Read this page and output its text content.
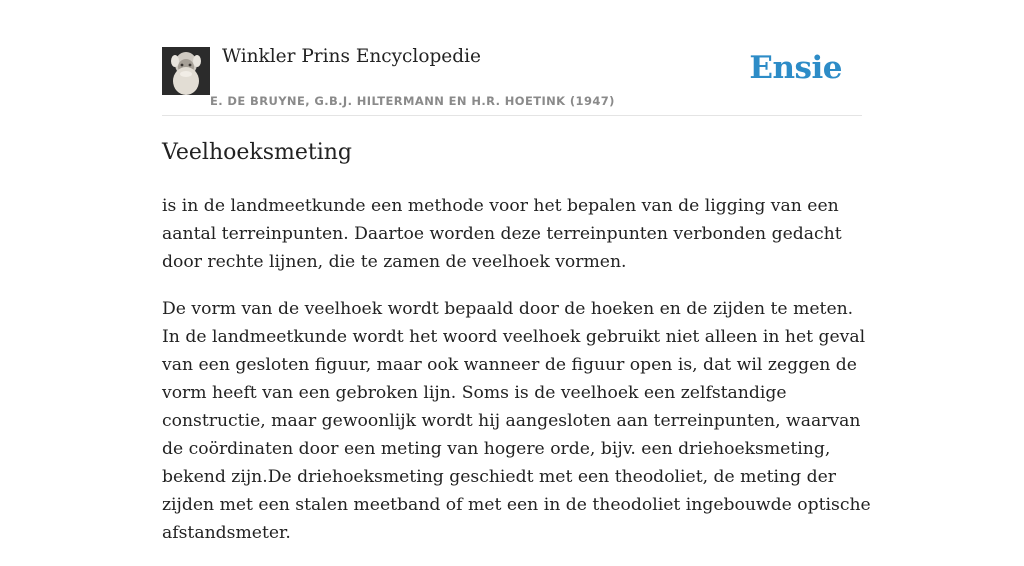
Winkler Prins Encyclopedie
E. DE BRUYNE, G.B.J. HILTERMANN EN H.R. HOETINK (1947)
Ensie
Veelhoeksmeting

is in de landmeetkunde een methode voor het bepalen van de ligging van een aantal terreinpunten. Daartoe worden deze terreinpunten verbonden gedacht door rechte lijnen, die te zamen de veelhoek vormen.

De vorm van de veelhoek wordt bepaald door de hoeken en de zijden te meten. In de landmeetkunde wordt het woord veelhoek gebruikt niet alleen in het geval van een gesloten figuur, maar ook wanneer de figuur open is, dat wil zeggen de vorm heeft van een gebroken lijn. Soms is de veelhoek een zelfstandige constructie, maar gewoonlijk wordt hij aangesloten aan terreinpunten, waarvan de coördinaten door een meting van hogere orde, bijv. een driehoeksmeting, bekend zijn.De driehoeksmeting geschiedt met een theodoliet, de meting der zijden met een stalen meetband of met een in de theodoliet ingebouwde optische afstandsmeter.
